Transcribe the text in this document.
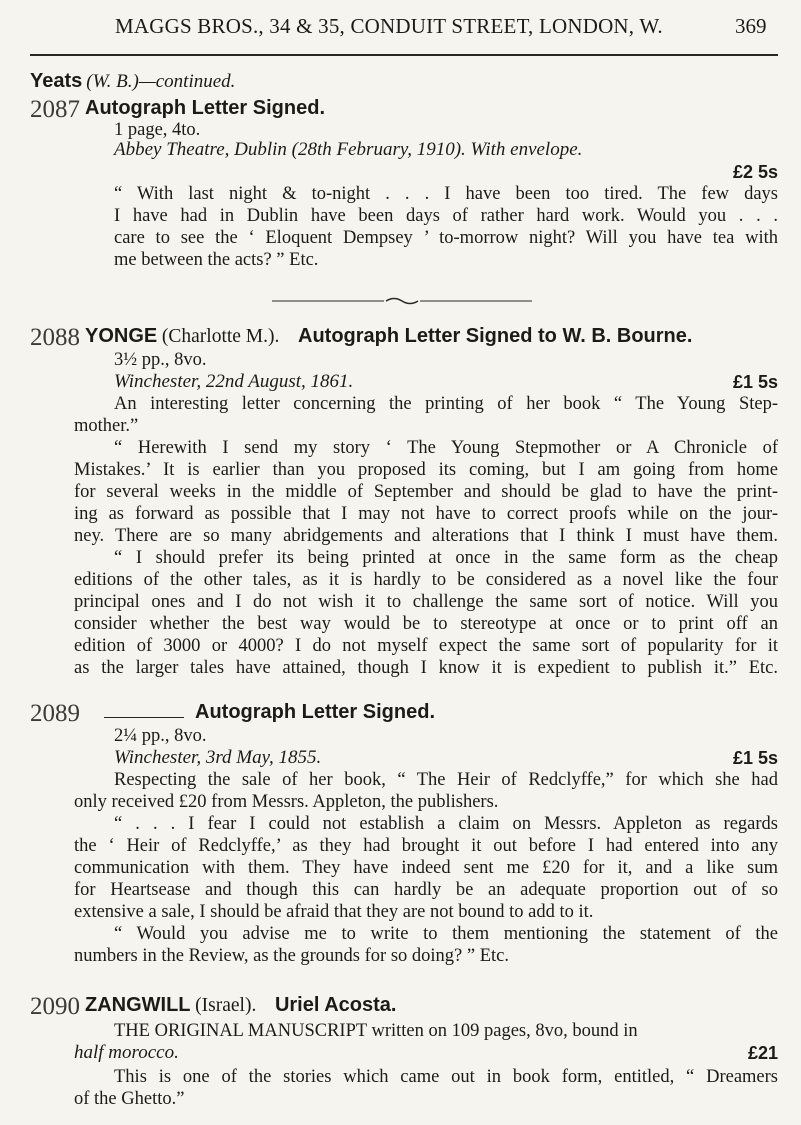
MAGGS BROS., 34 & 35, CONDUIT STREET, LONDON, W.	369
Yeats (W. B.)—continued.
2087 Autograph Letter Signed.
1 page, 4to.
Abbey Theatre, Dublin (28th February, 1910). With envelope.
£2 5s
“ With last night & to-night . . . I have been too tired. The few days
I have had in Dublin have been days of rather hard work. Would you . . .
care to see the ‘ Eloquent Dempsey ’ to-morrow night? Will you have tea with
me between the acts? ” Etc.
2088 YONGE (Charlotte M.). Autograph Letter Signed to W. B. Bourne.
3½ pp., 8vo.
Winchester, 22nd August, 1861.	£1 5s
An interesting letter concerning the printing of her book “ The Young Step-
mother.”
“ Herewith I send my story ‘ The Young Stepmother or A Chronicle of
Mistakes.’ It is earlier than you proposed its coming, but I am going from home
for several weeks in the middle of September and should be glad to have the print-
ing as forward as possible that I may not have to correct proofs while on the jour-
ney. There are so many abridgements and alterations that I think I must have them.
“ I should prefer its being printed at once in the same form as the cheap
editions of the other tales, as it is hardly to be considered as a novel like the four
principal ones and I do not wish it to challenge the same sort of notice. Will you
consider whether the best way would be to stereotype at once or to print off an
edition of 3000 or 4000? I do not myself expect the same sort of popularity for it
as the larger tales have attained, though I know it is expedient to publish it.” Etc.
2089	Autograph Letter Signed.
2¼ pp., 8vo.
Winchester, 3rd May, 1855.	£1 5s
Respecting the sale of her book, “ The Heir of Redclyffe,” for which she had
only received £20 from Messrs. Appleton, the publishers.
“ . . . I fear I could not establish a claim on Messrs. Appleton as regards
the ‘ Heir of Redclyffe,’ as they had brought it out before I had entered into any
communication with them. They have indeed sent me £20 for it, and a like sum
for Heartsease and though this can hardly be an adequate proportion out of so
extensive a sale, I should be afraid that they are not bound to add to it.
“ Would you advise me to write to them mentioning the statement of the
numbers in the Review, as the grounds for so doing? ” Etc.
2090 ZANGWILL (Israel). Uriel Acosta.
THE ORIGINAL MANUSCRIPT written on 109 pages, 8vo, bound in
half morocco.	£21
This is one of the stories which came out in book form, entitled, “ Dreamers
of the Ghetto.”
